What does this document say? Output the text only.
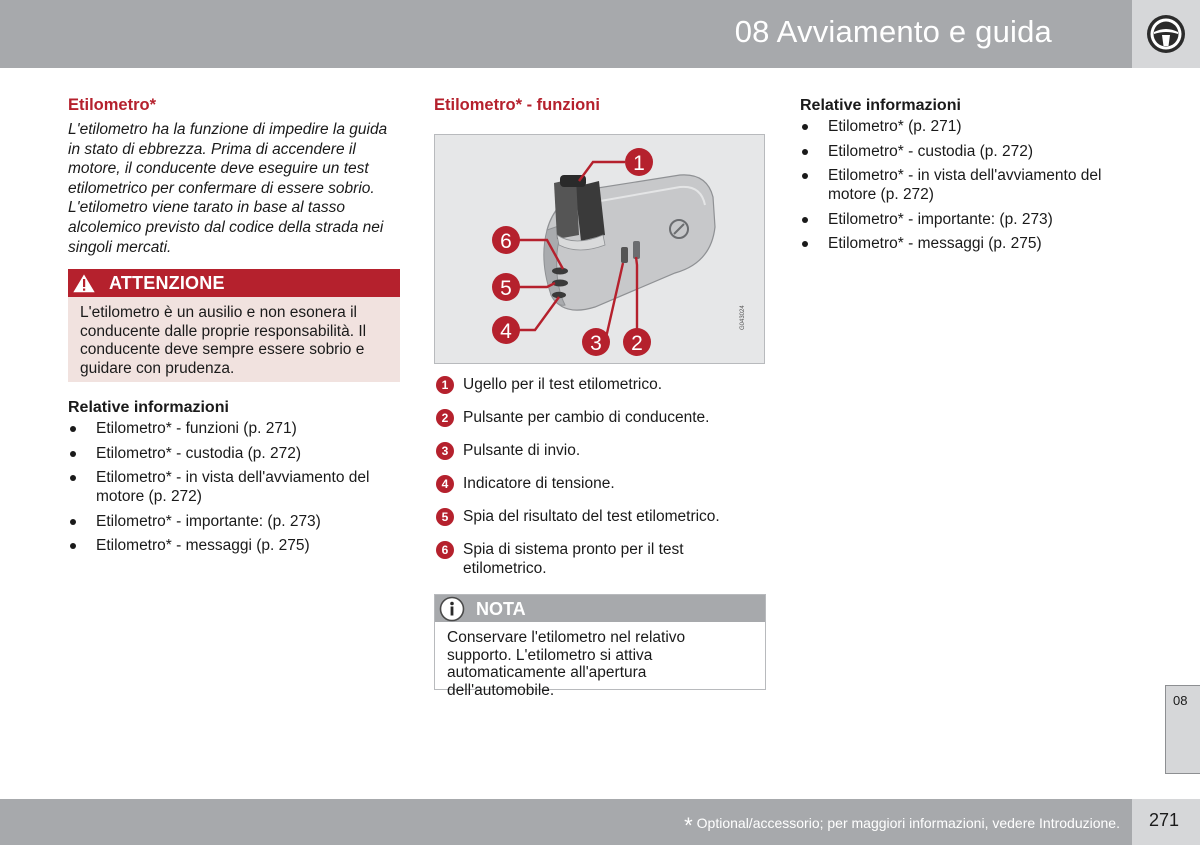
08 Avviamento e guida
Etilometro*
L'etilometro ha la funzione di impedire la guida in stato di ebbrezza. Prima di accendere il motore, il conducente deve eseguire un test etilometrico per confermare di essere sobrio. L'etilometro viene tarato in base al tasso alcolemico previsto dal codice della strada nei singoli mercati.
ATTENZIONE
L'etilometro è un ausilio e non esonera il conducente dalle proprie responsabilità. Il conducente deve sempre essere sobrio e guidare con prudenza.
Relative informazioni
Etilometro* - funzioni (p. 271)
Etilometro* - custodia (p. 272)
Etilometro* - in vista dell'avviamento del motore (p. 272)
Etilometro* - importante: (p. 273)
Etilometro* - messaggi (p. 275)
Etilometro* - funzioni
1
6
5
4
3 2
G043024
1 Ugello per il test etilometrico.
2 Pulsante per cambio di conducente.
3 Pulsante di invio.
4 Indicatore di tensione.
5 Spia del risultato del test etilometrico.
6 Spia di sistema pronto per il test etilometrico.
NOTA
Conservare l'etilometro nel relativo supporto. L'etilometro si attiva automaticamente all'apertura dell'automobile.
Relative informazioni
Etilometro* (p. 271)
Etilometro* - custodia (p. 272)
Etilometro* - in vista dell'avviamento del motore (p. 272)
Etilometro* - importante: (p. 273)
Etilometro* - messaggi (p. 275)
08
* Optional/accessorio; per maggiori informazioni, vedere Introduzione. 271
